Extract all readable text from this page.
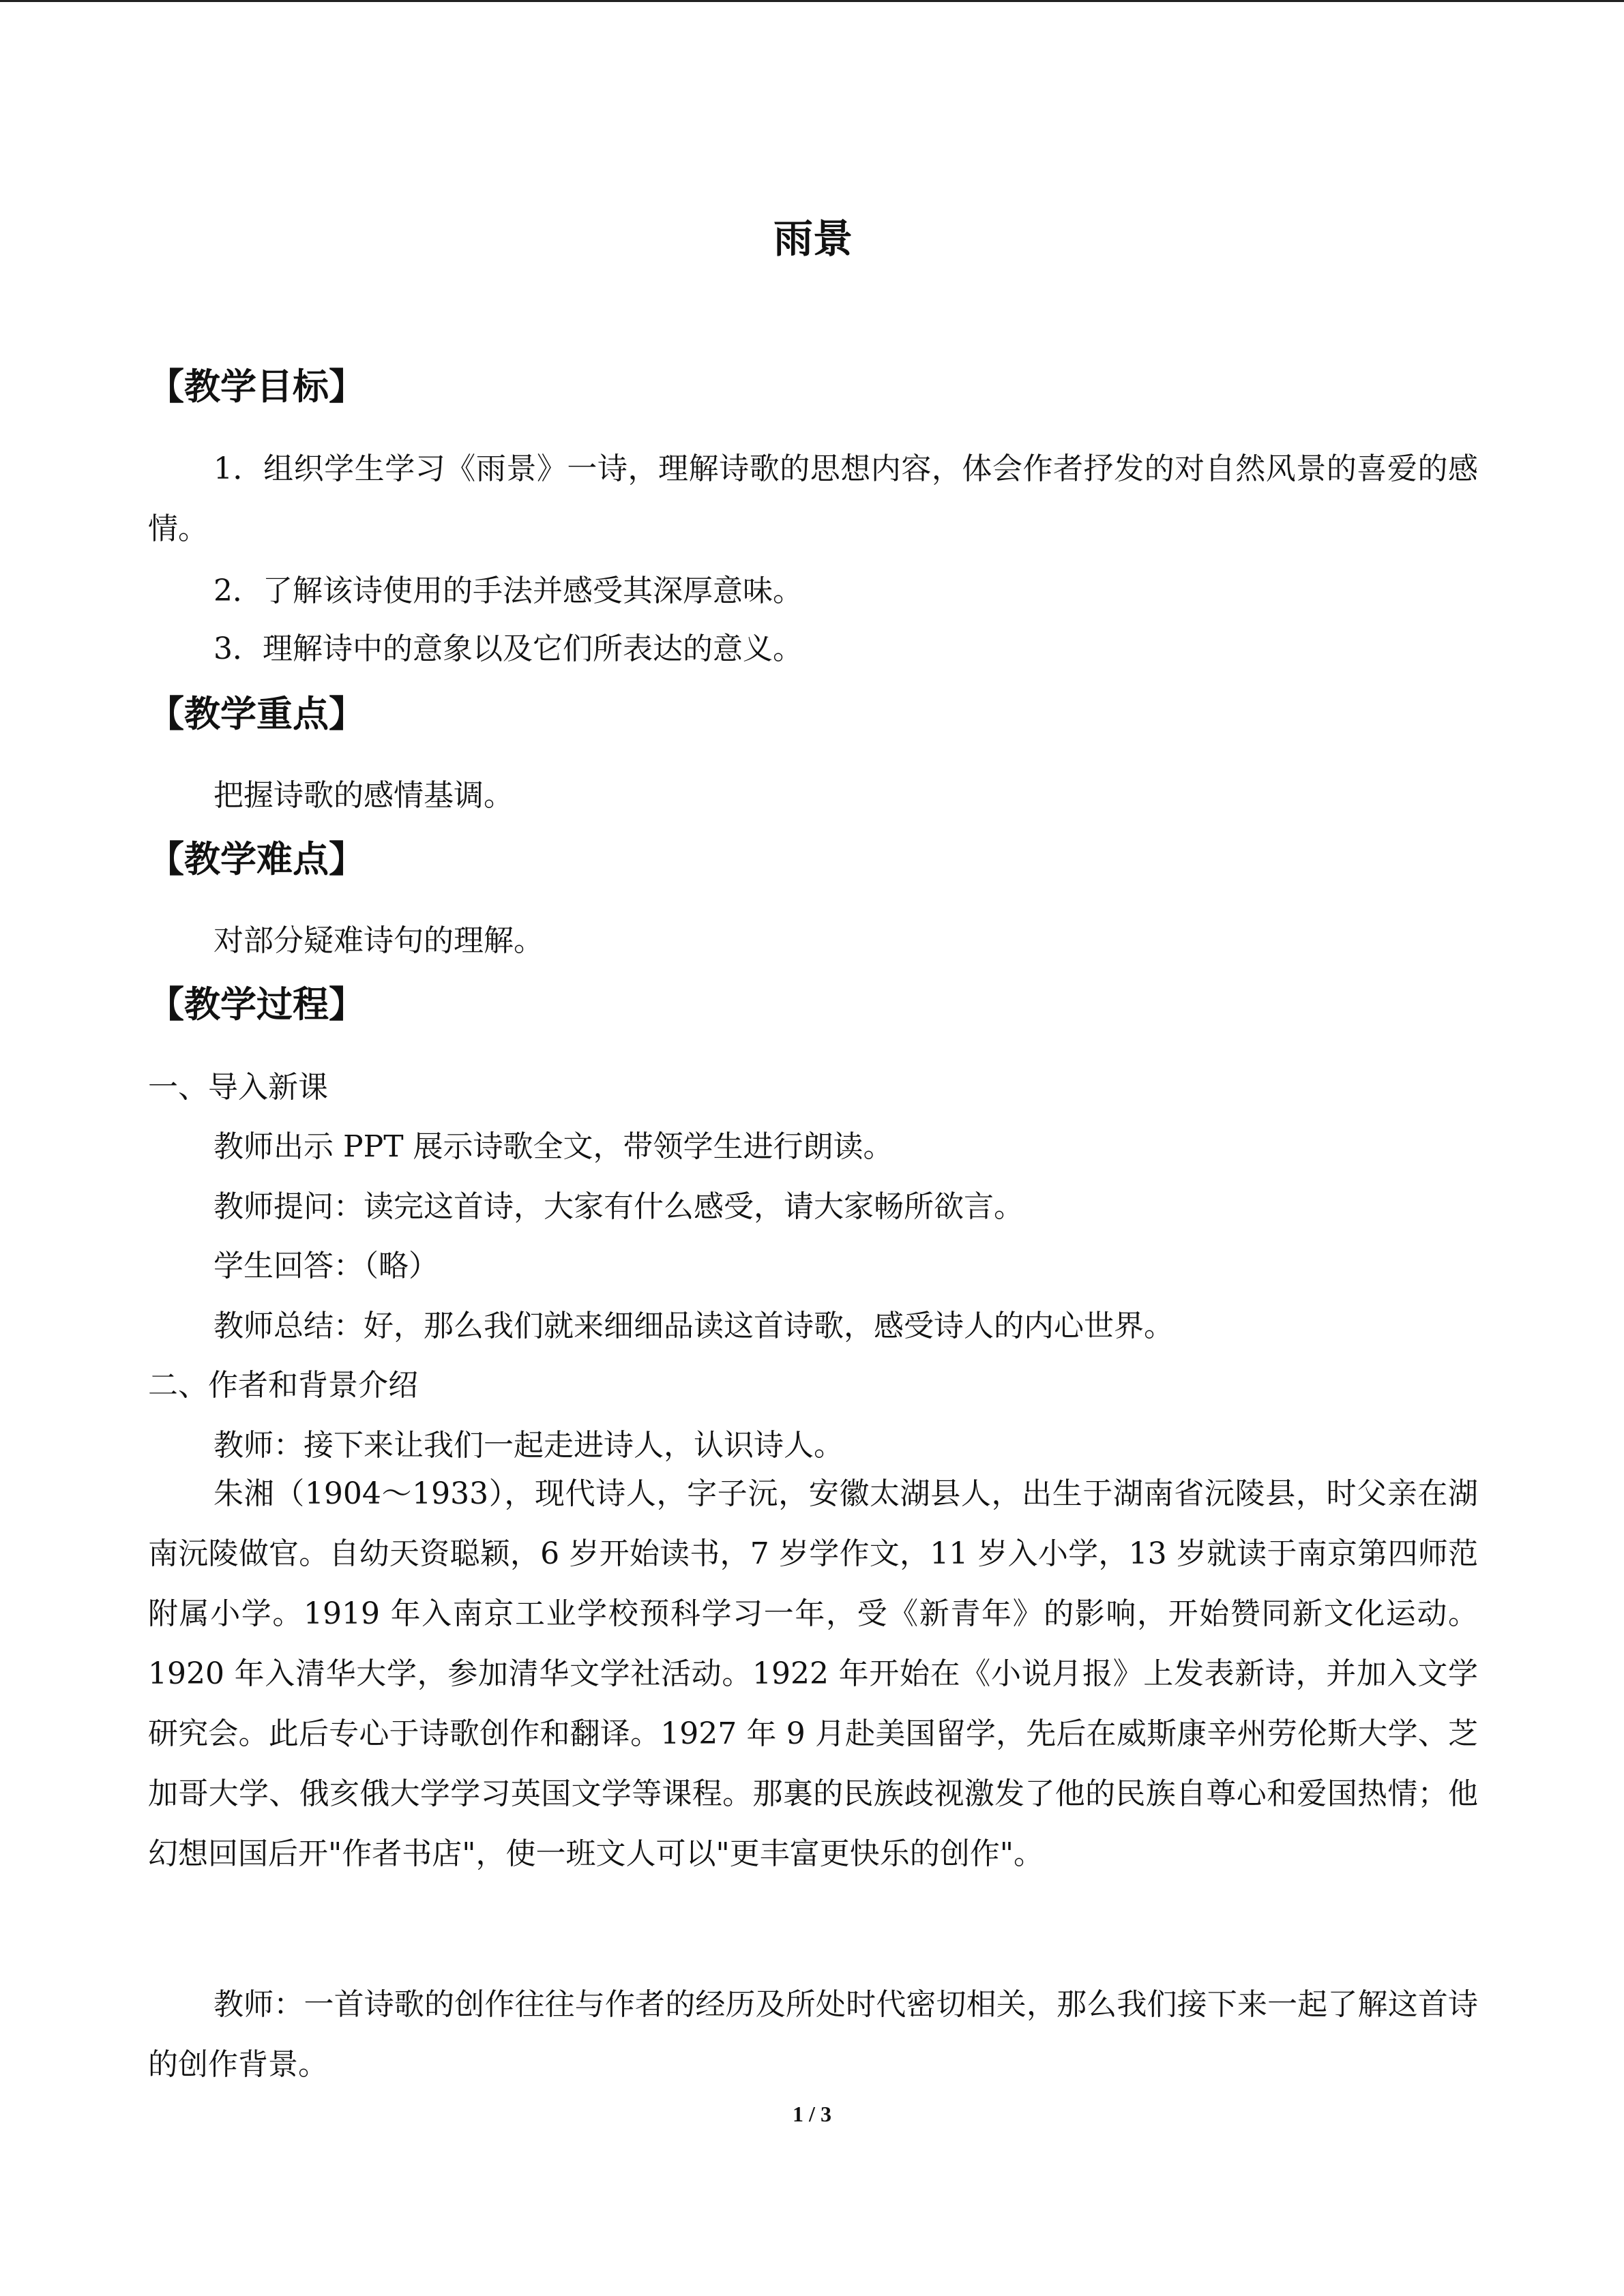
雨景
【教学目标】
1．组织学生学习《雨景》一诗，理解诗歌的思想内容，体会作者抒发的对自然风景的喜爱的感情。
2．了解该诗使用的手法并感受其深厚意味。
3．理解诗中的意象以及它们所表达的意义。
【教学重点】
把握诗歌的感情基调。
【教学难点】
对部分疑难诗句的理解。
【教学过程】
一、导入新课
教师出示 PPT 展示诗歌全文，带领学生进行朗读。
教师提问：读完这首诗，大家有什么感受，请大家畅所欲言。
学生回答：（略）
教师总结：好，那么我们就来细细品读这首诗歌，感受诗人的内心世界。
二、作者和背景介绍
教师：接下来让我们一起走进诗人，认识诗人。
朱湘（1904～1933），现代诗人，字子沅，安徽太湖县人，出生于湖南省沅陵县，时父亲在湖南沅陵做官。自幼天资聪颖，6 岁开始读书，7 岁学作文，11 岁入小学，13 岁就读于南京第四师范附属小学。1919 年入南京工业学校预科学习一年，受《新青年》的影响，开始赞同新文化运动。1920 年入清华大学，参加清华文学社活动。1922 年开始在《小说月报》上发表新诗，并加入文学研究会。此后专心于诗歌创作和翻译。1927 年 9 月赴美国留学，先后在威斯康辛州劳伦斯大学、芝加哥大学、俄亥俄大学学习英国文学等课程。那裏的民族歧视激发了他的民族自尊心和爱国热情；他幻想回国后开"作者书店"，使一班文人可以"更丰富更快乐的创作"。
教师：一首诗歌的创作往往与作者的经历及所处时代密切相关，那么我们接下来一起了解这首诗的创作背景。
1 / 3
